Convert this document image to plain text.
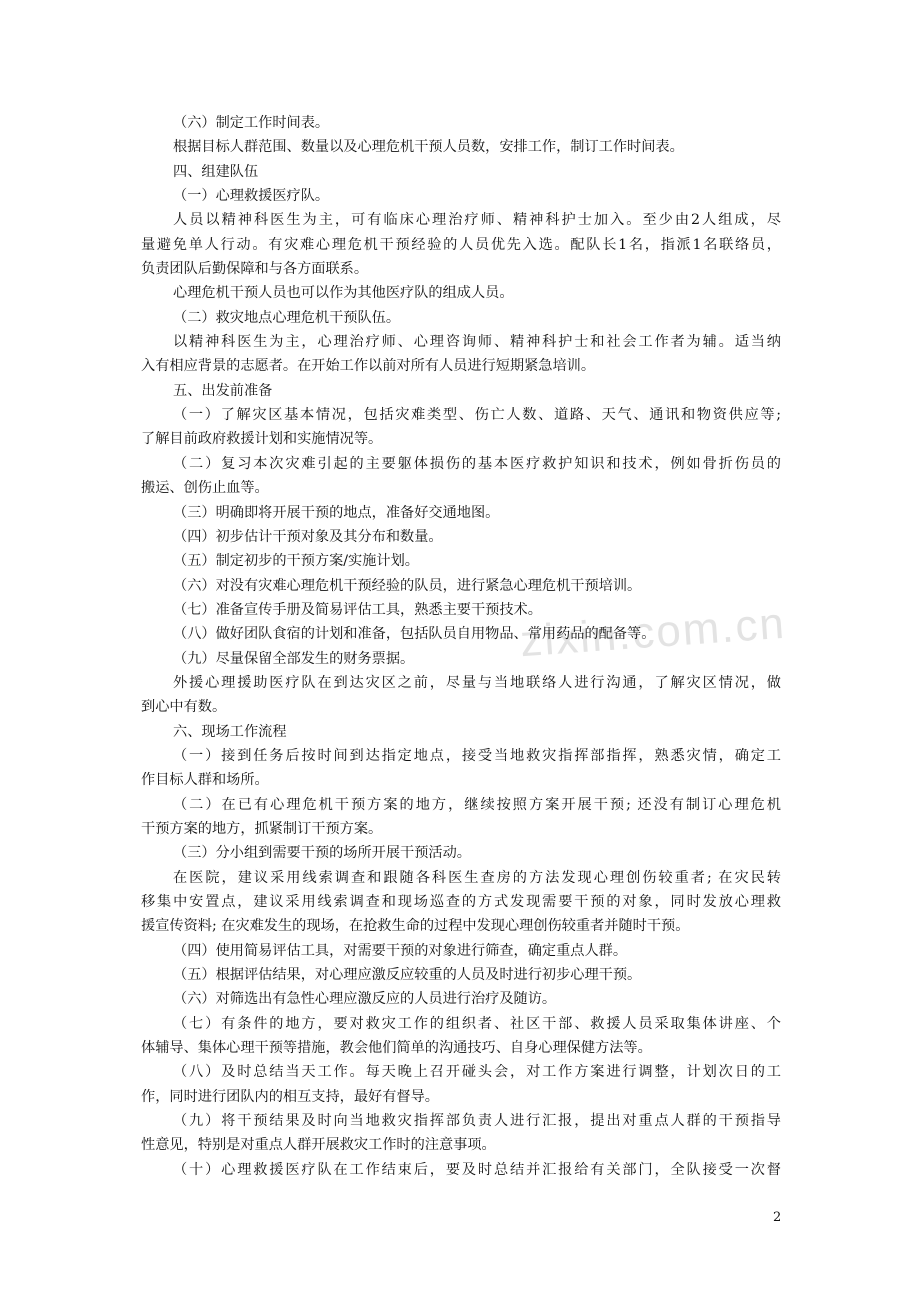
zixin.com.cn
（六）制定工作时间表。
根据目标人群范围、数量以及心理危机干预人员数，安排工作，制订工作时间表。
四、组建队伍
（一）心理救援医疗队。
人员以精神科医生为主，可有临床心理治疗师、精神科护士加入。至少由2人组成，尽
量避免单人行动。有灾难心理危机干预经验的人员优先入选。配队长1名，指派1名联络员，
负责团队后勤保障和与各方面联系。
心理危机干预人员也可以作为其他医疗队的组成人员。
（二）救灾地点心理危机干预队伍。
以精神科医生为主，心理治疗师、心理咨询师、精神科护士和社会工作者为辅。适当纳
入有相应背景的志愿者。在开始工作以前对所有人员进行短期紧急培训。
五、出发前准备
（一）了解灾区基本情况，包括灾难类型、伤亡人数、道路、天气、通讯和物资供应等;
了解目前政府救援计划和实施情况等。
（二）复习本次灾难引起的主要躯体损伤的基本医疗救护知识和技术，例如骨折伤员的
搬运、创伤止血等。
（三）明确即将开展干预的地点，准备好交通地图。
（四）初步估计干预对象及其分布和数量。
（五）制定初步的干预方案/实施计划。
（六）对没有灾难心理危机干预经验的队员，进行紧急心理危机干预培训。
（七）准备宣传手册及简易评估工具，熟悉主要干预技术。
（八）做好团队食宿的计划和准备，包括队员自用物品、常用药品的配备等。
（九）尽量保留全部发生的财务票据。
外援心理援助医疗队在到达灾区之前，尽量与当地联络人进行沟通，了解灾区情况，做
到心中有数。
六、现场工作流程
（一）接到任务后按时间到达指定地点，接受当地救灾指挥部指挥，熟悉灾情，确定工
作目标人群和场所。
（二）在已有心理危机干预方案的地方，继续按照方案开展干预; 还没有制订心理危机
干预方案的地方，抓紧制订干预方案。
（三）分小组到需要干预的场所开展干预活动。
在医院，建议采用线索调查和跟随各科医生查房的方法发现心理创伤较重者; 在灾民转
移集中安置点，建议采用线索调查和现场巡查的方式发现需要干预的对象，同时发放心理救
援宣传资料; 在灾难发生的现场，在抢救生命的过程中发现心理创伤较重者并随时干预。
（四）使用简易评估工具，对需要干预的对象进行筛查，确定重点人群。
（五）根据评估结果，对心理应激反应较重的人员及时进行初步心理干预。
（六）对筛选出有急性心理应激反应的人员进行治疗及随访。
（七）有条件的地方，要对救灾工作的组织者、社区干部、救援人员采取集体讲座、个
体辅导、集体心理干预等措施，教会他们简单的沟通技巧、自身心理保健方法等。
（八）及时总结当天工作。每天晚上召开碰头会，对工作方案进行调整，计划次日的工
作，同时进行团队内的相互支持，最好有督导。
（九）将干预结果及时向当地救灾指挥部负责人进行汇报，提出对重点人群的干预指导
性意见，特别是对重点人群开展救灾工作时的注意事项。
（十）心理救援医疗队在工作结束后，要及时总结并汇报给有关部门，全队接受一次督
2
